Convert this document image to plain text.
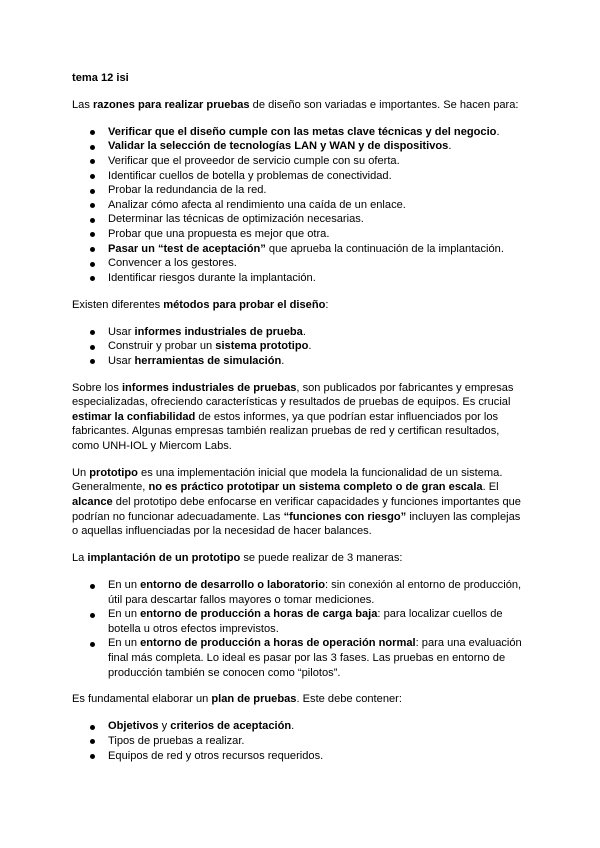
tema 12 isi

Las razones para realizar pruebas de diseño son variadas e importantes. Se hacen para:

Verificar que el diseño cumple con las metas clave técnicas y del negocio.
Validar la selección de tecnologías LAN y WAN y de dispositivos.
Verificar que el proveedor de servicio cumple con su oferta.
Identificar cuellos de botella y problemas de conectividad.
Probar la redundancia de la red.
Analizar cómo afecta al rendimiento una caída de un enlace.
Determinar las técnicas de optimización necesarias.
Probar que una propuesta es mejor que otra.
Pasar un “test de aceptación” que aprueba la continuación de la implantación.
Convencer a los gestores.
Identificar riesgos durante la implantación.

Existen diferentes métodos para probar el diseño:

Usar informes industriales de prueba.
Construir y probar un sistema prototipo.
Usar herramientas de simulación.

Sobre los informes industriales de pruebas, son publicados por fabricantes y empresas
especializadas, ofreciendo características y resultados de pruebas de equipos. Es crucial
estimar la confiabilidad de estos informes, ya que podrían estar influenciados por los
fabricantes. Algunas empresas también realizan pruebas de red y certifican resultados,
como UNH-IOL y Miercom Labs.

Un prototipo es una implementación inicial que modela la funcionalidad de un sistema.
Generalmente, no es práctico prototipar un sistema completo o de gran escala. El
alcance del prototipo debe enfocarse en verificar capacidades y funciones importantes que
podrían no funcionar adecuadamente. Las “funciones con riesgo” incluyen las complejas
o aquellas influenciadas por la necesidad de hacer balances.

La implantación de un prototipo se puede realizar de 3 maneras:

En un entorno de desarrollo o laboratorio: sin conexión al entorno de producción,
útil para descartar fallos mayores o tomar mediciones.
En un entorno de producción a horas de carga baja: para localizar cuellos de
botella u otros efectos imprevistos.
En un entorno de producción a horas de operación normal: para una evaluación
final más completa. Lo ideal es pasar por las 3 fases. Las pruebas en entorno de
producción también se conocen como “pilotos”.

Es fundamental elaborar un plan de pruebas. Este debe contener:

Objetivos y criterios de aceptación.
Tipos de pruebas a realizar.
Equipos de red y otros recursos requeridos.
